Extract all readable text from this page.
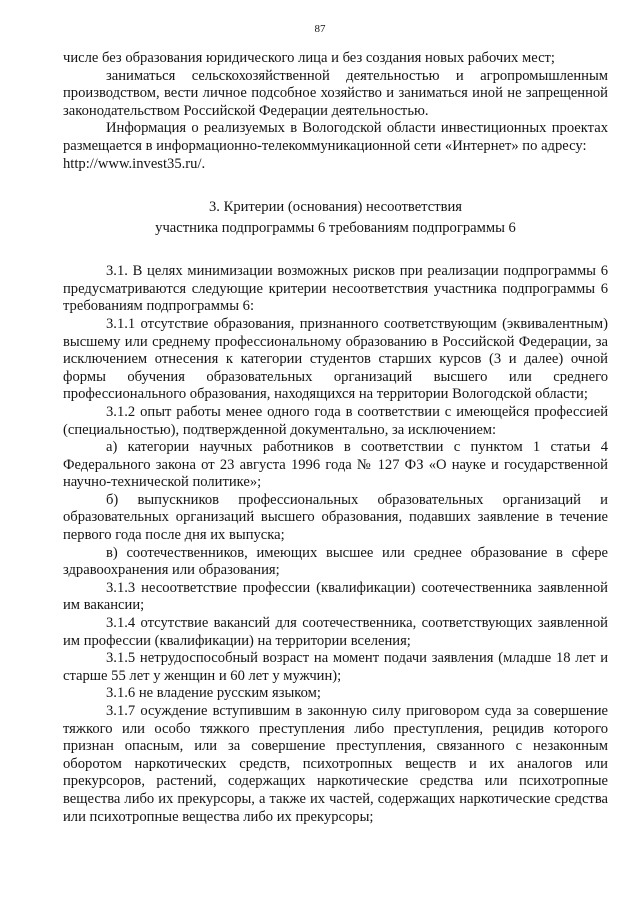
87

числе без образования юридического лица и без создания новых рабочих мест;

заниматься сельскохозяйственной деятельностью и агропромышленным производством, вести личное подсобное хозяйство и заниматься иной не запрещенной законодательством Российской Федерации деятельностью.

Информация о реализуемых в Вологодской области инвестиционных проектах размещается в информационно-телекоммуникационной сети «Интернет» по адресу:

http://www.invest35.ru/.

3. Критерии (основания) несоответствия
участника подпрограммы 6 требованиям подпрограммы 6

3.1. В целях минимизации возможных рисков при реализации подпрограммы 6 предусматриваются следующие критерии несоответствия участника подпрограммы 6 требованиям подпрограммы 6:

3.1.1 отсутствие образования, признанного соответствующим (эквивалентным) высшему или среднему профессиональному образованию в Российской Федерации, за исключением отнесения к категории студентов старших курсов (3 и далее) очной формы обучения образовательных организаций высшего или среднего профессионального образования, находящихся на территории Вологодской области;

3.1.2 опыт работы менее одного года в соответствии с имеющейся профессией (специальностью), подтвержденной документально, за исключением:

а) категории научных работников в соответствии с пунктом 1 статьи 4 Федерального закона от 23 августа 1996 года № 127 ФЗ «О науке и государственной научно-технической политике»;

б) выпускников профессиональных образовательных организаций и образовательных организаций высшего образования, подавших заявление в течение первого года после дня их выпуска;

в) соотечественников, имеющих высшее или среднее образование в сфере здравоохранения или образования;

3.1.3 несоответствие профессии (квалификации) соотечественника заявленной им вакансии;

3.1.4 отсутствие вакансий для соотечественника, соответствующих заявленной им профессии (квалификации) на территории вселения;

3.1.5 нетрудоспособный возраст на момент подачи заявления (младше 18 лет и старше 55 лет у женщин и 60 лет у мужчин);

3.1.6 не владение русским языком;

3.1.7 осуждение вступившим в законную силу приговором суда за совершение тяжкого или особо тяжкого преступления либо преступления, рецидив которого признан опасным, или за совершение преступления, связанного с незаконным оборотом наркотических средств, психотропных веществ и их аналогов или прекурсоров, растений, содержащих наркотические средства или психотропные вещества либо их прекурсоры, а также их частей, содержащих наркотические средства или психотропные вещества либо их прекурсоры;
